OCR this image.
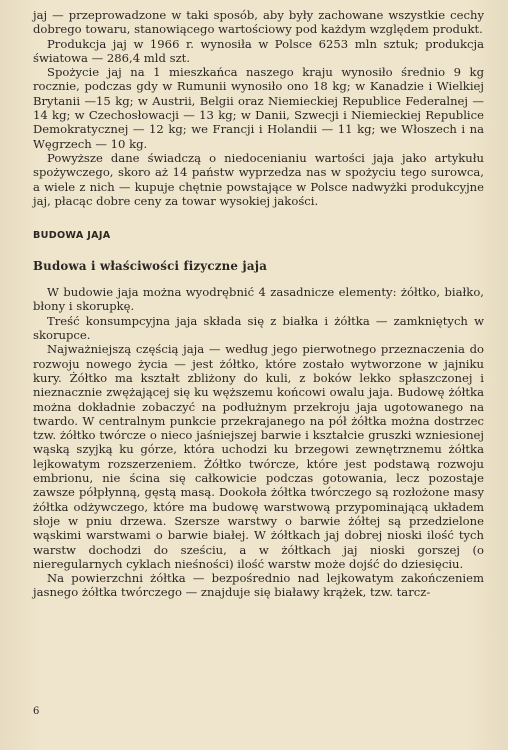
jaj — przeprowadzone w taki sposób, aby były zachowane wszystkie cechy dobrego towaru, stanowiącego wartościowy pod każdym względem produkt.

Produkcja jaj w 1966 r. wynosiła w Polsce 6253 mln sztuk; produkcja światowa — 286,4 mld szt.

Spożycie jaj na 1 mieszkańca naszego kraju wynosiło średnio 9 kg rocznie, podczas gdy w Rumunii wynosiło ono 18 kg; w Kanadzie i Wielkiej Brytanii —15 kg; w Austrii, Belgii oraz Niemieckiej Republice Federalnej — 14 kg; w Czechosłowacji — 13 kg; w Danii, Szwecji i Niemieckiej Republice Demokratycznej — 12 kg; we Francji i Holandii — 11 kg; we Włoszech i na Węgrzech — 10 kg.

Powyższe dane świadczą o niedocenianiu wartości jaja jako artykułu spożywczego, skoro aż 14 państw wyprzedza nas w spożyciu tego surowca, a wiele z nich — kupuje chętnie powstające w Polsce nadwyżki produkcyjne jaj, płacąc dobre ceny za towar wysokiej jakości.

BUDOWA JAJA
Budowa i właściwości fizyczne jaja

W budowie jaja można wyodrębnić 4 zasadnicze elementy: żółtko, białko, błony i skorupkę.

Treść konsumpcyjna jaja składa się z białka i żółtka — zamkniętych w skorupce.

Najważniejszą częścią jaja — według jego pierwotnego przeznaczenia do rozwoju nowego życia — jest żółtko, które zostało wytworzone w jajniku kury. Żółtko ma kształt zbliżony do kuli, z boków lekko spłaszczonej i nieznacznie zwężającej się ku węższemu końcowi owalu jaja. Budowę żółtka można dokładnie zobaczyć na podłużnym przekroju jaja ugotowanego na twardo. W centralnym punkcie przekrajanego na pół żółtka można dostrzec tzw. żółtko twórcze o nieco jaśniejszej barwie i kształcie gruszki wzniesionej wąską szyjką ku górze, która uchodzi ku brzegowi zewnętrznemu żółtka lejkowatym rozszerzeniem. Żółtko twórcze, które jest podstawą rozwoju embrionu, nie ścina się całkowicie podczas gotowania, lecz pozostaje zawsze półpłynną, gęstą masą. Dookoła żółtka twórczego są rozłożone masy żółtka odżywczego, które ma budowę warstwową przypominającą układem słoje w pniu drzewa. Szersze warstwy o barwie żółtej są przedzielone wąskimi warstwami o barwie białej. W żółtkach jaj dobrej nioski ilość tych warstw dochodzi do sześciu, a w żółtkach jaj nioski gorszej (o nieregularnych cyklach nieśności) ilość warstw może dojść do dziesięciu.

Na powierzchni żółtka — bezpośrednio nad lejkowatym zakończeniem jasnego żółtka twórczego — znajduje się białawy krążek, tzw. tarcz-

6
